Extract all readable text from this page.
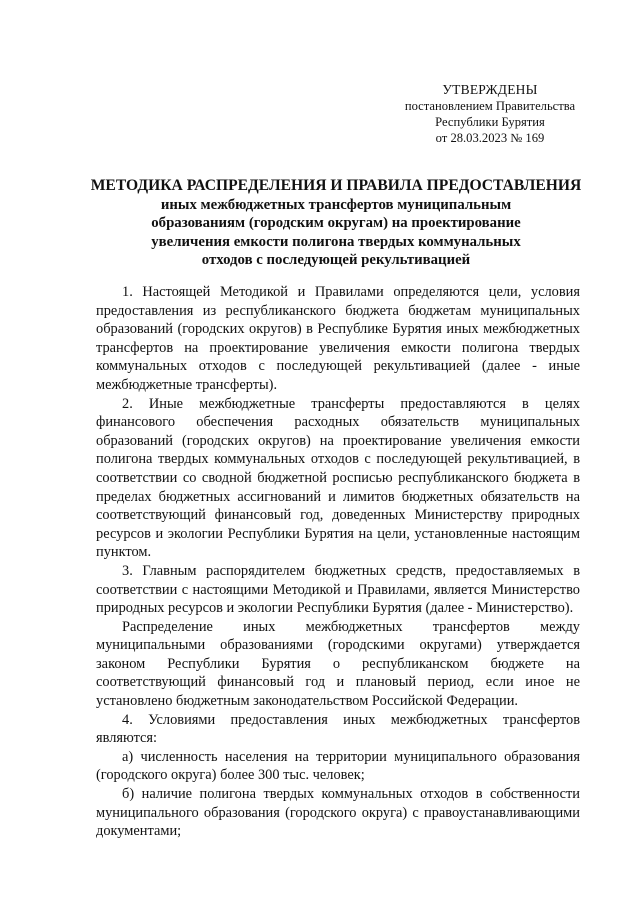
УТВЕРЖДЕНЫ
постановлением Правительства
Республики Бурятия
от 28.03.2023 № 169
МЕТОДИКА РАСПРЕДЕЛЕНИЯ И ПРАВИЛА ПРЕДОСТАВЛЕНИЯ
иных межбюджетных трансфертов муниципальным
образованиям (городским округам) на проектирование
увеличения емкости полигона твердых коммунальных
отходов с последующей рекультивацией

1. Настоящей Методикой и Правилами определяются цели, условия предоставления из республиканского бюджета бюджетам муниципальных образований (городских округов) в Республике Бурятия иных межбюджетных трансфертов на проектирование увеличения емкости полигона твердых коммунальных отходов с последующей рекультивацией (далее - иные межбюджетные трансферты).

2. Иные межбюджетные трансферты предоставляются в целях финансового обеспечения расходных обязательств муниципальных образований (городских округов) на проектирование увеличения емкости полигона твердых коммунальных отходов с последующей рекультивацией, в соответствии со сводной бюджетной росписью республиканского бюджета в пределах бюджетных ассигнований и лимитов бюджетных обязательств на соответствующий финансовый год, доведенных Министерству природных ресурсов и экологии Республики Бурятия на цели, установленные настоящим пунктом.

3. Главным распорядителем бюджетных средств, предоставляемых в соответствии с настоящими Методикой и Правилами, является Министерство природных ресурсов и экологии Республики Бурятия (далее - Министерство).

Распределение иных межбюджетных трансфертов между муниципальными образованиями (городскими округами) утверждается законом Республики Бурятия о республиканском бюджете на соответствующий финансовый год и плановый период, если иное не установлено бюджетным законодательством Российской Федерации.

4. Условиями предоставления иных межбюджетных трансфертов являются:

а) численность населения на территории муниципального образования (городского округа) более 300 тыс. человек;

б) наличие полигона твердых коммунальных отходов в собственности муниципального образования (городского округа) с правоустанавливающими документами;
